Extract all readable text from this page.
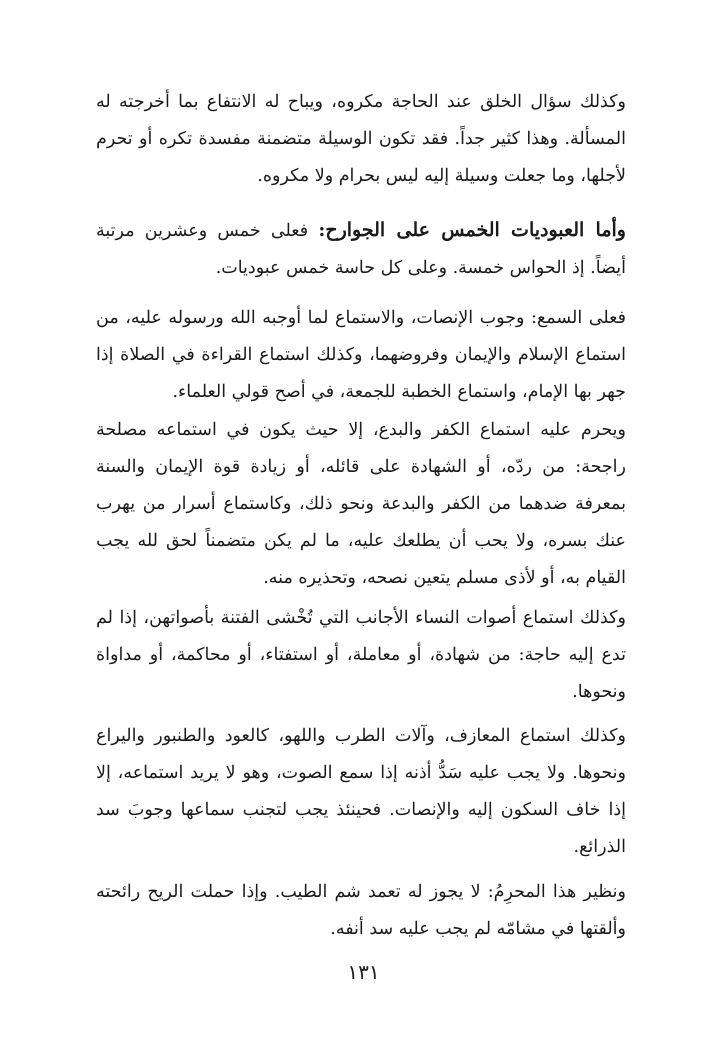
وكذلك سؤال الخلق عند الحاجة مكروه، ويباح له الانتفاع بما أخرجته له المسألة. وهذا كثير جداً. فقد تكون الوسيلة متضمنة مفسدة تكره أو تحرم لأجلها، وما جعلت وسيلة إليه ليس بحرام ولا مكروه.

وأما العبوديات الخمس على الجوارح: فعلى خمس وعشرين مرتبة أيضاً. إذ الحواس خمسة. وعلى كل حاسة خمس عبوديات.

فعلى السمع: وجوب الإنصات، والاستماع لما أوجبه الله ورسوله عليه، من استماع الإسلام والإيمان وفروضهما، وكذلك استماع القراءة في الصلاة إذا جهر بها الإمام، واستماع الخطبة للجمعة، في أصح قولي العلماء.

ويحرم عليه استماع الكفر والبدع، إلا حيث يكون في استماعه مصلحة راجحة: من ردّه، أو الشهادة على قائله، أو زيادة قوة الإيمان والسنة بمعرفة ضدهما من الكفر والبدعة ونحو ذلك، وكاستماع أسرار من يهرب عنك بسره، ولا يحب أن يطلعك عليه، ما لم يكن متضمناً لحق لله يجب القيام به، أو لأذى مسلم يتعين نصحه، وتحذيره منه.

وكذلك استماع أصوات النساء الأجانب التي تُخْشى الفتنة بأصواتهن، إذا لم تدع إليه حاجة: من شهادة، أو معاملة، أو استفتاء، أو محاكمة، أو مداواة ونحوها.

وكذلك استماع المعازف، وآلات الطرب واللهو، كالعود والطنبور واليراع ونحوها. ولا يجب عليه سَدُّ أذنه إذا سمع الصوت، وهو لا يريد استماعه، إلا إذا خاف السكون إليه والإنصات. فحينئذ يجب لتجنب سماعها وجوبَ سد الذرائع.

ونظير هذا المحرِمُ: لا يجوز له تعمد شم الطيب. وإذا حملت الريح رائحته وألقتها في مشامّه لم يجب عليه سد أنفه.

١٣١
